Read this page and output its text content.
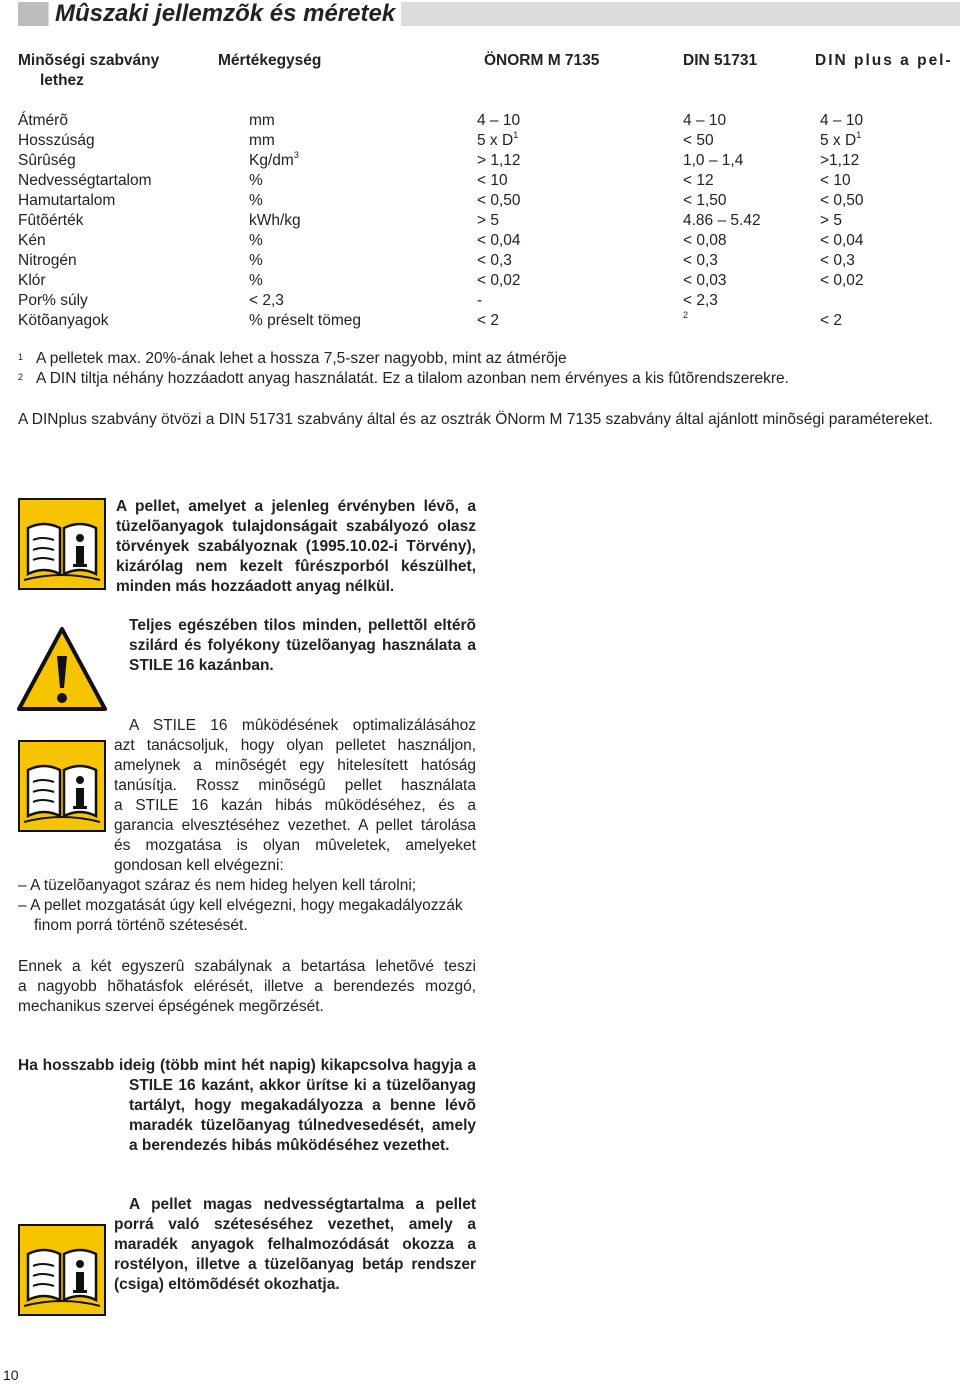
Mûszaki jellemzõk és méretek
Minõségi szabvány	Mértékegység	ÖNORM M 7135	DIN 51731	DIN plus a pel-
lethez
Átmérõ	mm	4 – 10	4 – 10	4 – 10
Hosszúság	mm	5 x $D^1$	< 50	5 x $D^1$
Sûrûség	$Kg/dm^3$	> 1,12	1,0 – 1,4	>1,12
Nedvességtartalom	%	< 10	< 12	< 10
Hamutartalom	%	< 0,50	< 1,50	< 0,50
Fûtõérték	kWh/kg	> 5	4.86 – 5.42	> 5
Kén	%	< 0,04	< 0,08	< 0,04
Nitrogén	%	< 0,3	< 0,3	< 0,3
Klór	%	< 0,02	< 0,03	< 0,02
Por% súly	< 2,3	-	< 2,3
Kötõanyagok	% préselt tömeg	< 2	$^2$	< 2
$^1$ A pelletek max. 20%-ának lehet a hossza 7,5-szer nagyobb, mint az átmérõje
$^2$ A DIN tiltja néhány hozzáadott anyag használatát. Ez a tilalom azonban nem érvényes a kis fûtõrendszerekre.
A DINplus szabvány ötvözi a DIN 51731 szabvány által és az osztrák ÖNorm M 7135 szabvány által ajánlott minõségi paramétereket.
A pellet, amelyet a jelenleg érvényben lévõ, a
tüzelõanyagok tulajdonságait szabályozó olasz
törvények szabályoznak (1995.10.02-i Törvény),
kizárólag nem kezelt fûrészporból készülhet,
minden más hozzáadott anyag nélkül.
Teljes egészében tilos minden, pellettõl eltérõ
szilárd és folyékony tüzelõanyag használata a
STILE 16 kazánban.
A STILE 16 mûködésének optimalizálásához
azt tanácsoljuk, hogy olyan pelletet használjon,
amelynek a minõségét egy hitelesített hatóság
tanúsítja. Rossz minõségû pellet használata
a STILE 16 kazán hibás mûködéséhez, és a
garancia elvesztéséhez vezethet. A pellet tárolása
és mozgatása is olyan mûveletek, amelyeket
gondosan kell elvégezni:
– A tüzelõanyagot száraz és nem hideg helyen kell tárolni;
– A pellet mozgatását úgy kell elvégezni, hogy megakadályozzák
finom porrá történõ szétesését.
Ennek a két egyszerû szabálynak a betartása lehetõvé teszi
a nagyobb hõhatásfok elérését, illetve a berendezés mozgó,
mechanikus szervei épségének megõrzését.
Ha hosszabb ideig (több mint hét napig) kikapcsolva hagyja a
STILE 16 kazánt, akkor ürítse ki a tüzelõanyag
tartályt, hogy megakadályozza a benne lévõ
maradék tüzelõanyag túlnedvesedését, amely
a berendezés hibás mûködéséhez vezethet.
A pellet magas nedvességtartalma a pellet
porrá való széteséséhez vezethet, amely a
maradék anyagok felhalmozódását okozza a
rostélyon, illetve a tüzelõanyag betáp rendszer
(csiga) eltömõdését okozhatja.
10
